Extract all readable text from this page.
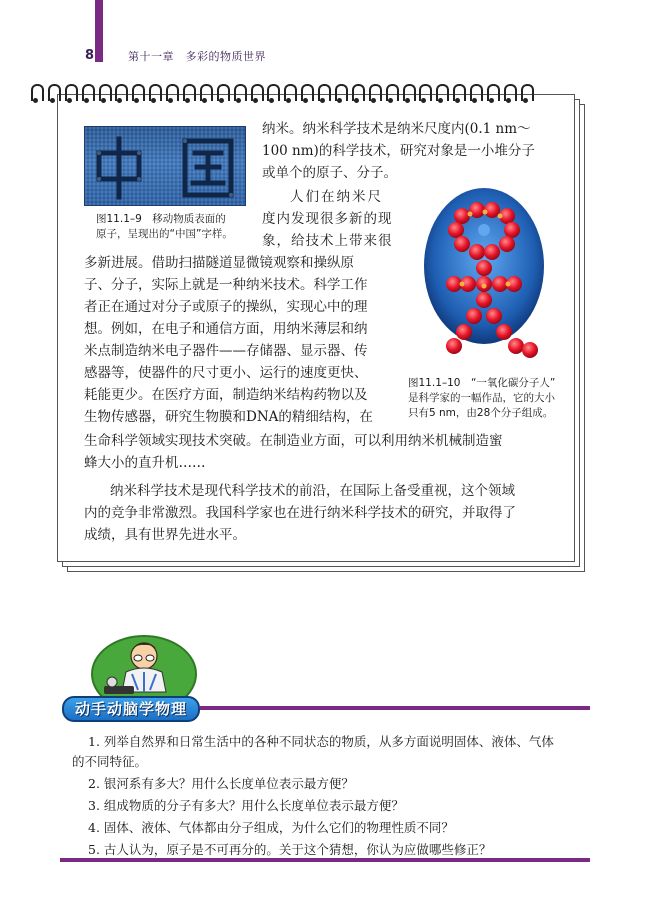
8	第十一章　多彩的物质世界
图11.1–9　移动物质表面的
原子，呈现出的“中国”字样。
图11.1–10　“一氧化碳分子人”
是科学家的一幅作品，它的大小
只有5 nm，由28个分子组成。
纳米。纳米科学技术是纳米尺度内(0.1 nm～
100 nm)的科学技术，研究对象是一小堆分子
或单个的原子、分子。
人们在纳米尺
度内发现很多新的现
象，给技术上带来很
多新进展。借助扫描隧道显微镜观察和操纵原
子、分子，实际上就是一种纳米技术。科学工作
者正在通过对分子或原子的操纵，实现心中的理
想。例如，在电子和通信方面，用纳米薄层和纳
米点制造纳米电子器件——存储器、显示器、传
感器等，使器件的尺寸更小、运行的速度更快、
耗能更少。在医疗方面，制造纳米结构药物以及
生物传感器，研究生物膜和DNA的精细结构，在
生命科学领域实现技术突破。在制造业方面，可以利用纳米机械制造蜜
蜂大小的直升机……
纳米科学技术是现代科学技术的前沿，在国际上备受重视，这个领域
内的竞争非常激烈。我国科学家也在进行纳米科学技术的研究，并取得了
成绩，具有世界先进水平。
动手动脑学物理
1. 列举自然界和日常生活中的各种不同状态的物质，从多方面说明固体、液体、气体
的不同特征。
2. 银河系有多大？用什么长度单位表示最方便？
3. 组成物质的分子有多大？用什么长度单位表示最方便？
4. 固体、液体、气体都由分子组成，为什么它们的物理性质不同？
5. 古人认为，原子是不可再分的。关于这个猜想，你认为应做哪些修正？
